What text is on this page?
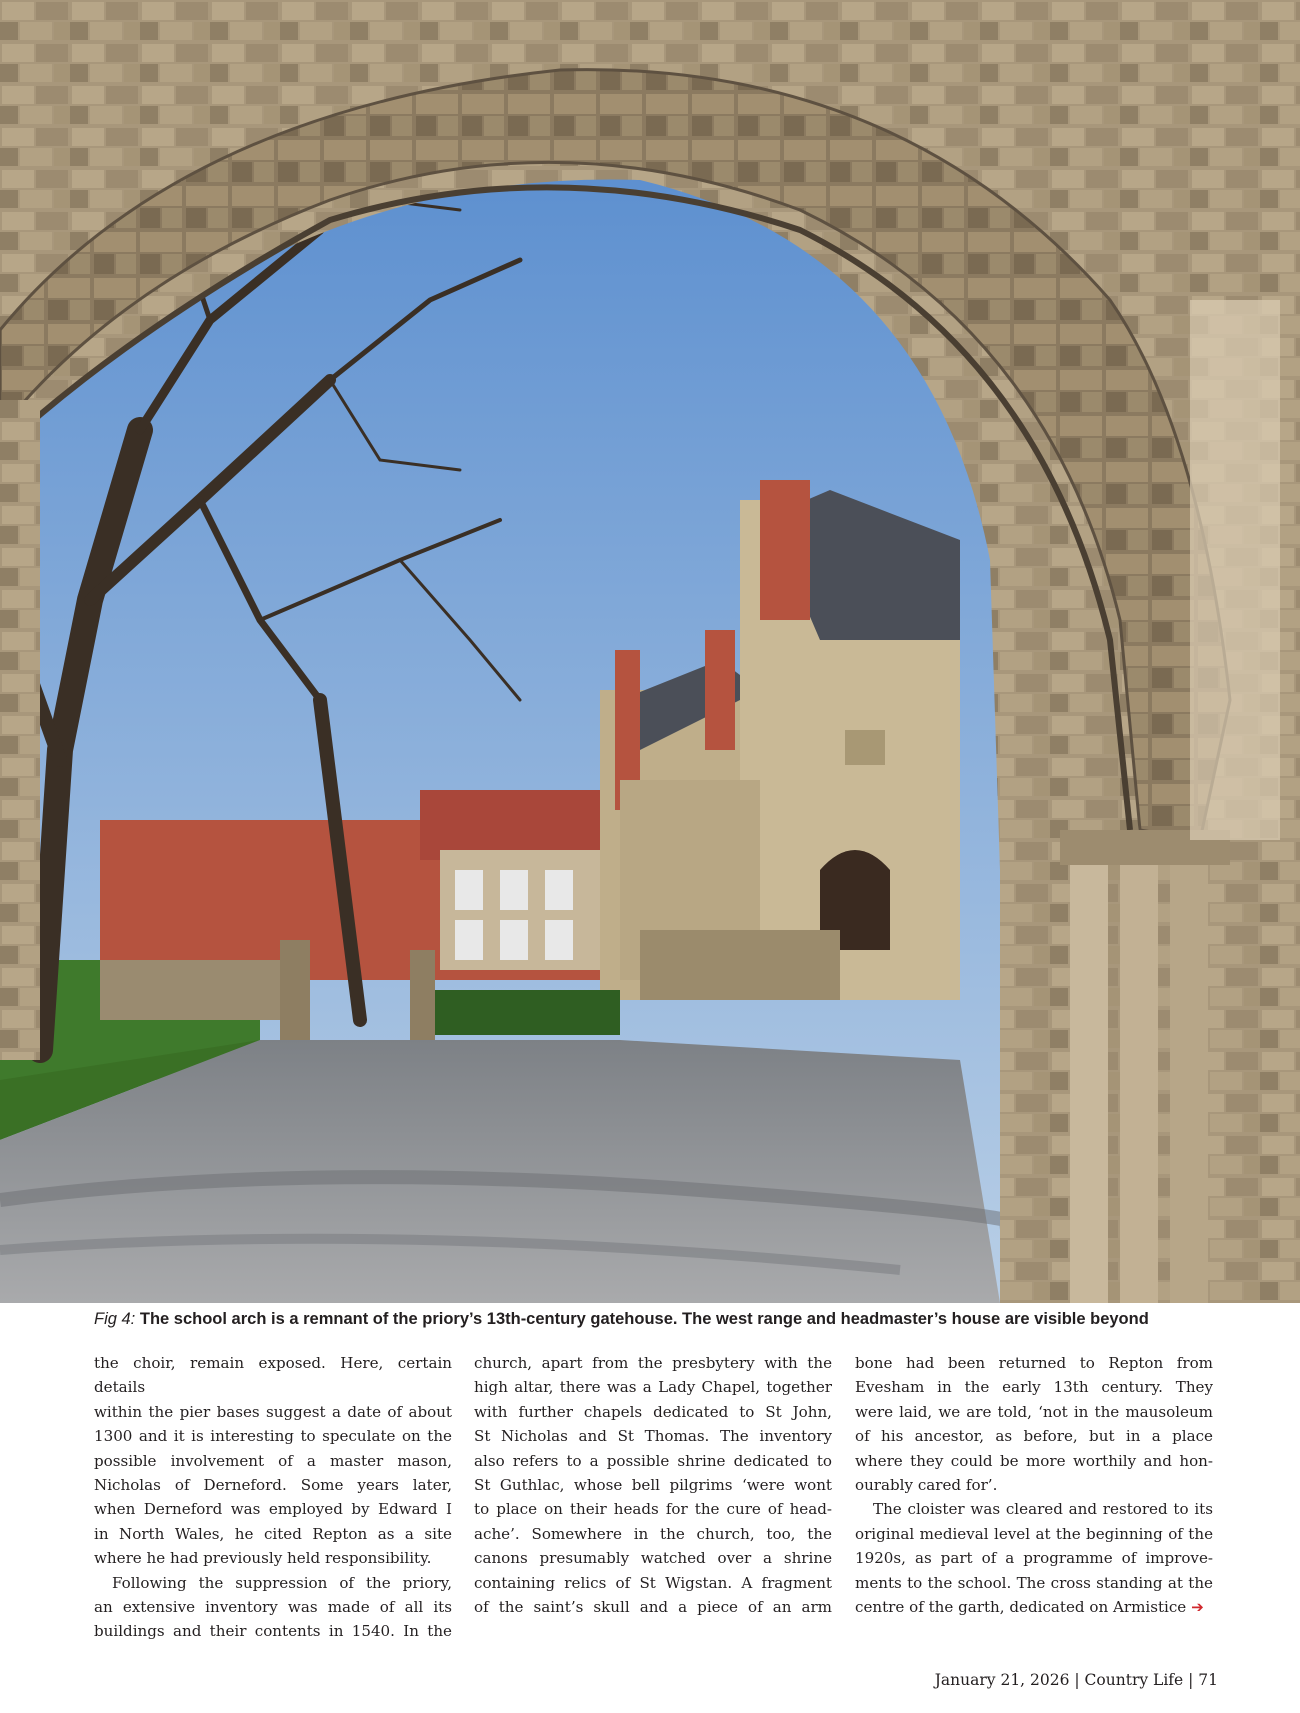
Fig 4: The school arch is a remnant of the priory’s 13th-century gatehouse. The west range and headmaster’s house are visible beyond

the choir, remain exposed. Here, certain details
within the pier bases suggest a date of about
1300 and it is interesting to speculate on the
possible involvement of a master mason,
Nicholas of Derneford. Some years later,
when Derneford was employed by Edward I
in North Wales, he cited Repton as a site
where he had previously held responsibility.

Following the suppression of the priory,
an extensive inventory was made of all its
buildings and their contents in 1540. In the

church, apart from the presbytery with the
high altar, there was a Lady Chapel, together
with further chapels dedicated to St John,
St Nicholas and St Thomas. The inventory
also refers to a possible shrine dedicated to
St Guthlac, whose bell pilgrims ‘were wont
to place on their heads for the cure of head-
ache’. Somewhere in the church, too, the
canons presumably watched over a shrine
containing relics of St Wigstan. A fragment
of the saint’s skull and a piece of an arm

bone had been returned to Repton from
Evesham in the early 13th century. They
were laid, we are told, ‘not in the mausoleum
of his ancestor, as before, but in a place
where they could be more worthily and hon-
ourably cared for’.

The cloister was cleared and restored to its
original medieval level at the beginning of the
1920s, as part of a programme of improve-
ments to the school. The cross standing at the
centre of the garth, dedicated on Armistice ➔

January 21, 2026 | Country Life | 71
